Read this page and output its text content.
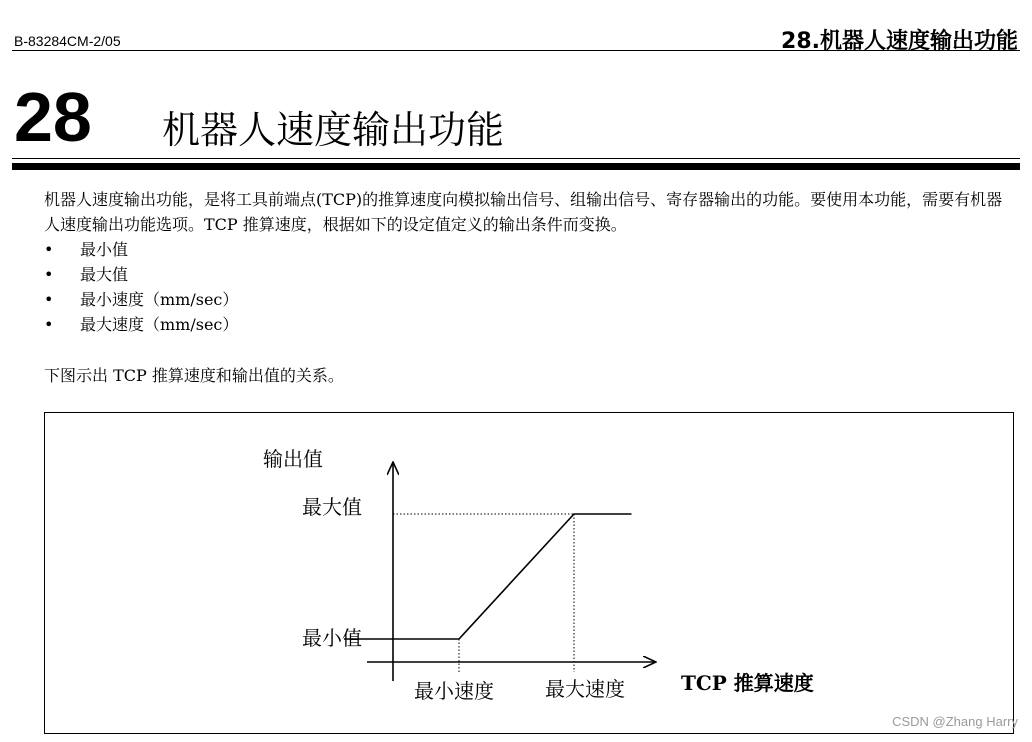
B-83284CM-2/05	28.机器人速度输出功能
28 机器人速度输出功能
机器人速度输出功能，是将工具前端点(TCP)的推算速度向模拟输出信号、组输出信号、寄存器输出的功能。要使用本功能，需要有机器人速度输出功能选项。TCP 推算速度，根据如下的设定值定义的输出条件而变换。
• 最小值
• 最大值
• 最小速度（mm/sec）
• 最大速度（mm/sec）
下图示出 TCP 推算速度和输出值的关系。
输出值
最大值
最小值
最小速度	最大速度	TCP 推算速度
CSDN @Zhang Harry
